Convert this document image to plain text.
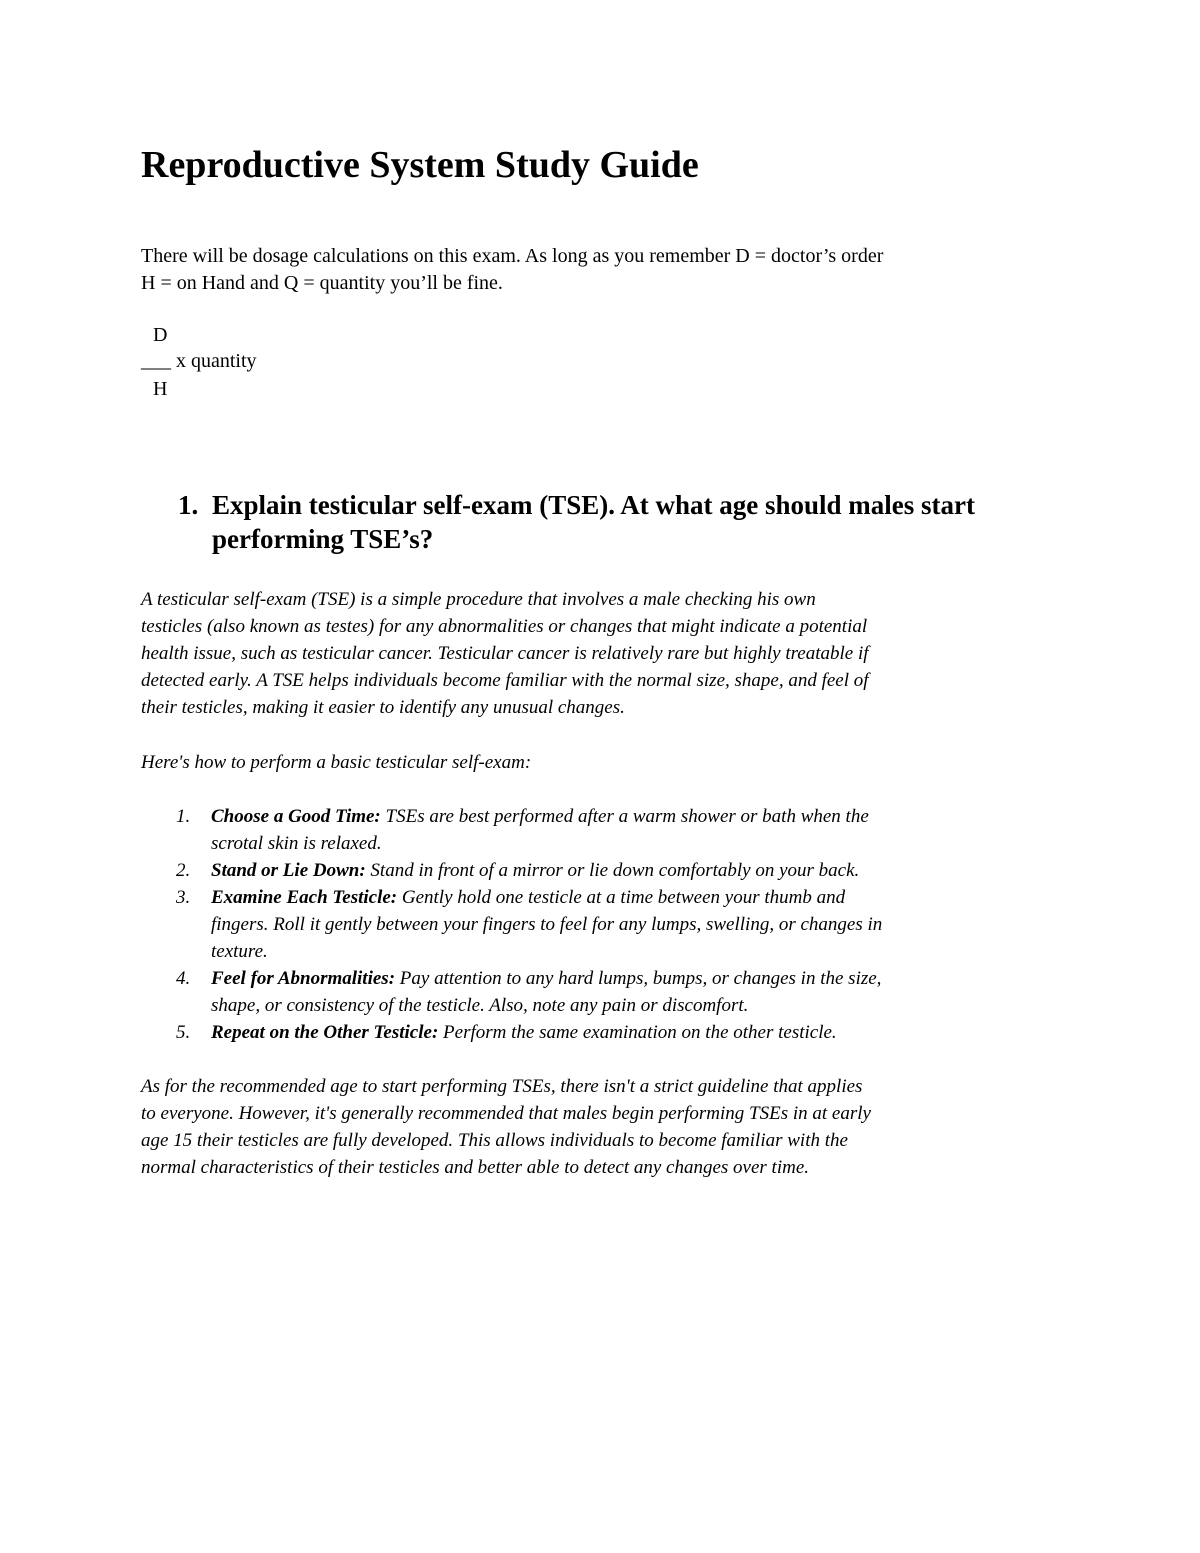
Reproductive System Study Guide

There will be dosage calculations on this exam. As long as you remember D = doctor’s order
H = on Hand and Q = quantity you’ll be fine.

D
___ x quantity
H
1. Explain testicular self-exam (TSE). At what age should males start
performing TSE’s?

A testicular self-exam (TSE) is a simple procedure that involves a male checking his own
testicles (also known as testes) for any abnormalities or changes that might indicate a potential
health issue, such as testicular cancer. Testicular cancer is relatively rare but highly treatable if
detected early. A TSE helps individuals become familiar with the normal size, shape, and feel of
their testicles, making it easier to identify any unusual changes.

Here's how to perform a basic testicular self-exam:

1. Choose a Good Time: TSEs are best performed after a warm shower or bath when the
scrotal skin is relaxed.
2. Stand or Lie Down: Stand in front of a mirror or lie down comfortably on your back.
3. Examine Each Testicle: Gently hold one testicle at a time between your thumb and
fingers. Roll it gently between your fingers to feel for any lumps, swelling, or changes in
texture.
4. Feel for Abnormalities: Pay attention to any hard lumps, bumps, or changes in the size,
shape, or consistency of the testicle. Also, note any pain or discomfort.
5. Repeat on the Other Testicle: Perform the same examination on the other testicle.

As for the recommended age to start performing TSEs, there isn't a strict guideline that applies
to everyone. However, it's generally recommended that males begin performing TSEs in at early
age 15 their testicles are fully developed. This allows individuals to become familiar with the
normal characteristics of their testicles and better able to detect any changes over time.
